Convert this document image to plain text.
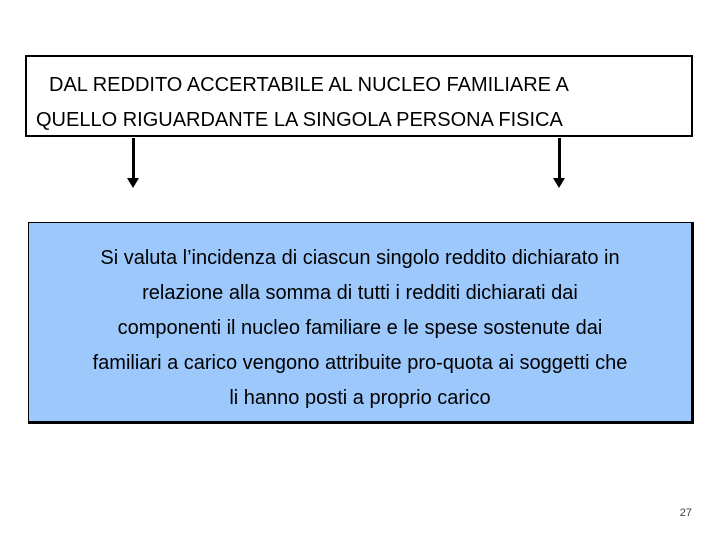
DAL REDDITO ACCERTABILE AL NUCLEO FAMILIARE A
QUELLO RIGUARDANTE LA SINGOLA PERSONA FISICA
Si valuta l’incidenza di ciascun singolo reddito dichiarato in
relazione alla somma di tutti i redditi dichiarati dai
componenti il nucleo familiare e le spese sostenute dai
familiari a carico vengono attribuite pro-quota ai soggetti che
li hanno posti a proprio carico
27
